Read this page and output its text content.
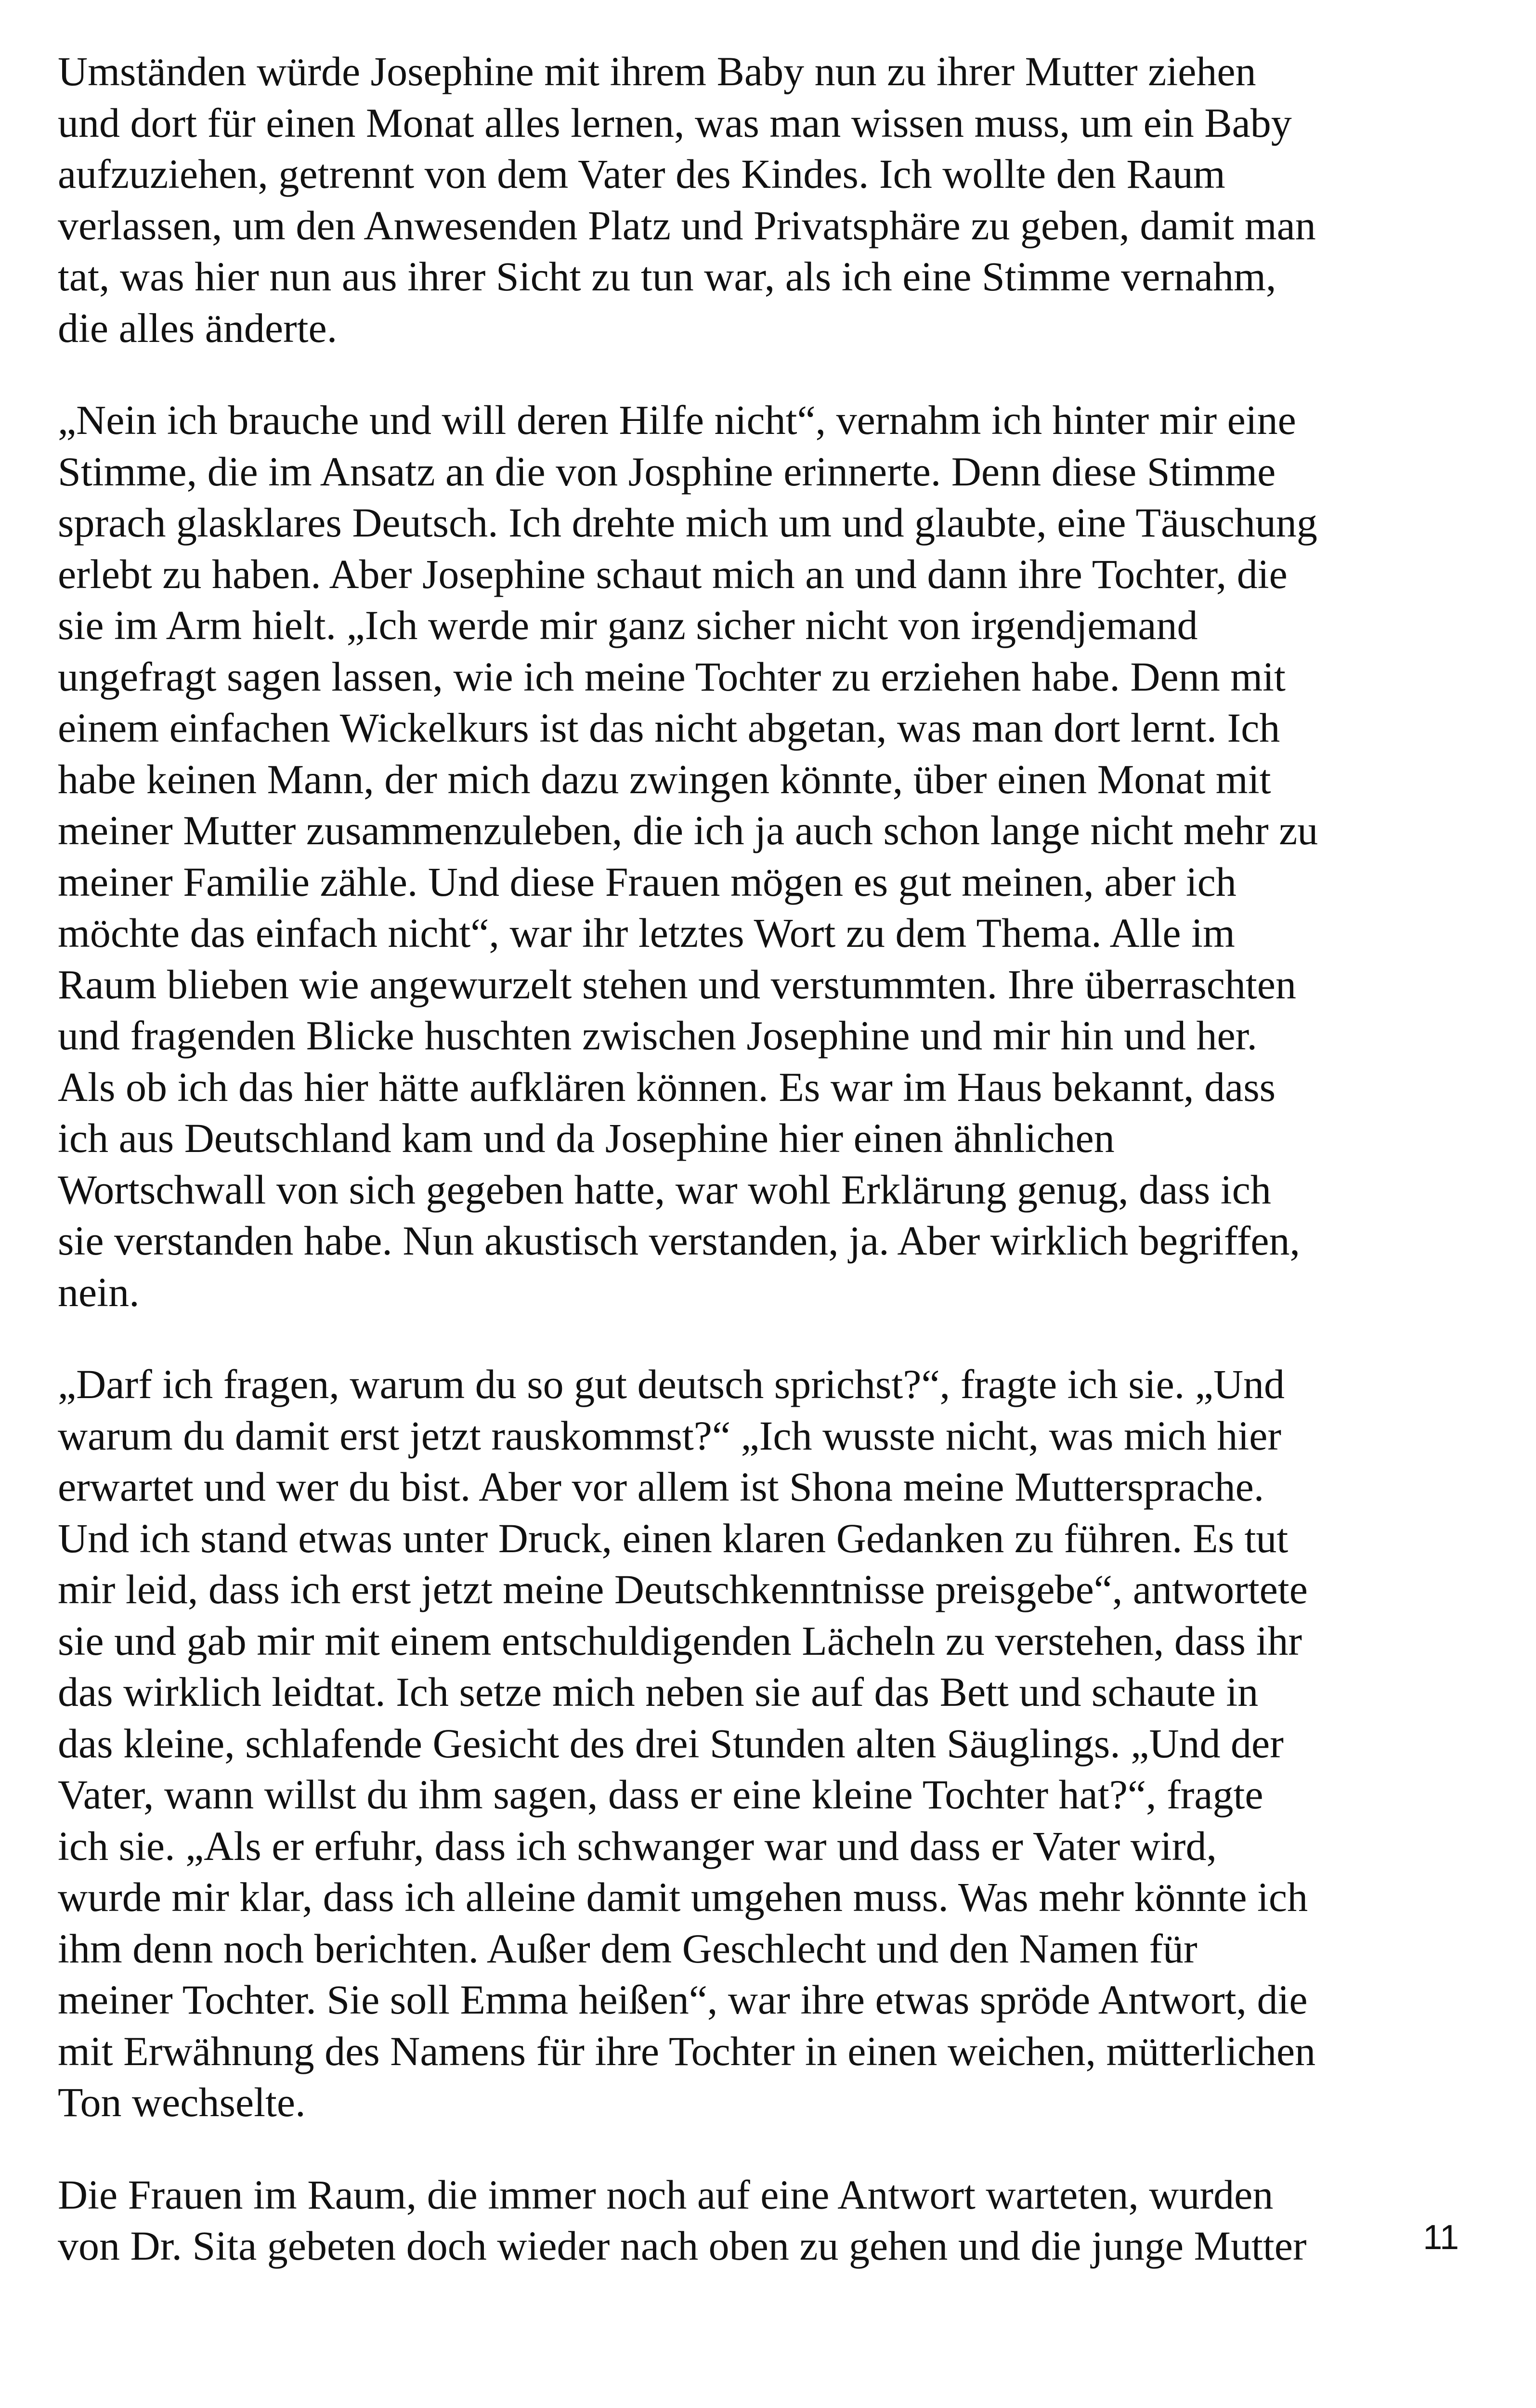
Umständen würde Josephine mit ihrem Baby nun zu ihrer Mutter ziehen
und dort für einen Monat alles lernen, was man wissen muss, um ein Baby
aufzuziehen, getrennt von dem Vater des Kindes. Ich wollte den Raum
verlassen, um den Anwesenden Platz und Privatsphäre zu geben, damit man
tat, was hier nun aus ihrer Sicht zu tun war, als ich eine Stimme vernahm,
die alles änderte.

„Nein ich brauche und will deren Hilfe nicht“, vernahm ich hinter mir eine
Stimme, die im Ansatz an die von Josphine erinnerte. Denn diese Stimme
sprach glasklares Deutsch. Ich drehte mich um und glaubte, eine Täuschung
erlebt zu haben. Aber Josephine schaut mich an und dann ihre Tochter, die
sie im Arm hielt. „Ich werde mir ganz sicher nicht von irgendjemand
ungefragt sagen lassen, wie ich meine Tochter zu erziehen habe. Denn mit
einem einfachen Wickelkurs ist das nicht abgetan, was man dort lernt. Ich
habe keinen Mann, der mich dazu zwingen könnte, über einen Monat mit
meiner Mutter zusammenzuleben, die ich ja auch schon lange nicht mehr zu
meiner Familie zähle. Und diese Frauen mögen es gut meinen, aber ich
möchte das einfach nicht“, war ihr letztes Wort zu dem Thema. Alle im
Raum blieben wie angewurzelt stehen und verstummten. Ihre überraschten
und fragenden Blicke huschten zwischen Josephine und mir hin und her.
Als ob ich das hier hätte aufklären können. Es war im Haus bekannt, dass
ich aus Deutschland kam und da Josephine hier einen ähnlichen
Wortschwall von sich gegeben hatte, war wohl Erklärung genug, dass ich
sie verstanden habe. Nun akustisch verstanden, ja. Aber wirklich begriffen,
nein.

„Darf ich fragen, warum du so gut deutsch sprichst?“, fragte ich sie. „Und
warum du damit erst jetzt rauskommst?“ „Ich wusste nicht, was mich hier
erwartet und wer du bist. Aber vor allem ist Shona meine Muttersprache.
Und ich stand etwas unter Druck, einen klaren Gedanken zu führen. Es tut
mir leid, dass ich erst jetzt meine Deutschkenntnisse preisgebe“, antwortete
sie und gab mir mit einem entschuldigenden Lächeln zu verstehen, dass ihr
das wirklich leidtat. Ich setze mich neben sie auf das Bett und schaute in
das kleine, schlafende Gesicht des drei Stunden alten Säuglings. „Und der
Vater, wann willst du ihm sagen, dass er eine kleine Tochter hat?“, fragte
ich sie. „Als er erfuhr, dass ich schwanger war und dass er Vater wird,
wurde mir klar, dass ich alleine damit umgehen muss. Was mehr könnte ich
ihm denn noch berichten. Außer dem Geschlecht und den Namen für
meiner Tochter. Sie soll Emma heißen“, war ihre etwas spröde Antwort, die
mit Erwähnung des Namens für ihre Tochter in einen weichen, mütterlichen
Ton wechselte.

Die Frauen im Raum, die immer noch auf eine Antwort warteten, wurden
von Dr. Sita gebeten doch wieder nach oben zu gehen und die junge Mutter	11
